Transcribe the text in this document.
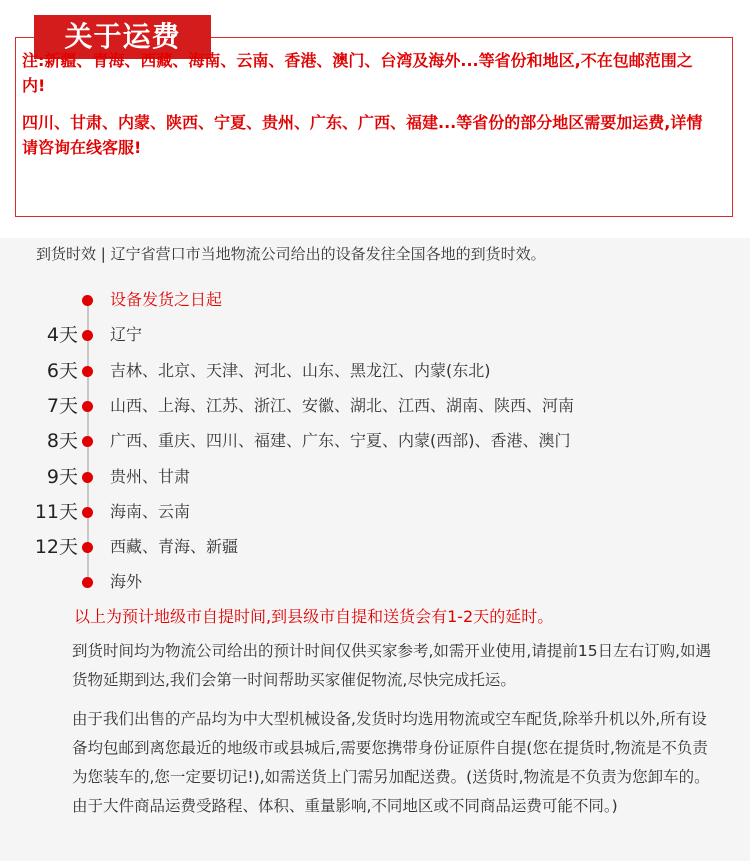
关于运费
注:新疆、青海、西藏、海南、云南、香港、澳门、台湾及海外...等省份和地区,不在包邮范围之内!
四川、甘肃、内蒙、陕西、宁夏、贵州、广东、广西、福建...等省份的部分地区需要加运费,详情请咨询在线客服!
到货时效 | 辽宁省营口市当地物流公司给出的设备发往全国各地的到货时效。
设备发货之日起
4天 辽宁
6天 吉林、北京、天津、河北、山东、黑龙江、内蒙(东北)
7天 山西、上海、江苏、浙江、安徽、湖北、江西、湖南、陕西、河南
8天 广西、重庆、四川、福建、广东、宁夏、内蒙(西部)、香港、澳门
9天 贵州、甘肃
11天 海南、云南
12天 西藏、青海、新疆
海外
以上为预计地级市自提时间,到县级市自提和送货会有1-2天的延时。
到货时间均为物流公司给出的预计时间仅供买家参考,如需开业使用,请提前15日左右订购,如遇货物延期到达,我们会第一时间帮助买家催促物流,尽快完成托运。
由于我们出售的产品均为中大型机械设备,发货时均选用物流或空车配货,除举升机以外,所有设备均包邮到离您最近的地级市或县城后,需要您携带身份证原件自提(您在提货时,物流是不负责为您装车的,您一定要切记!),如需送货上门需另加配送费。(送货时,物流是不负责为您卸车的。由于大件商品运费受路程、体积、重量影响,不同地区或不同商品运费可能不同。)
